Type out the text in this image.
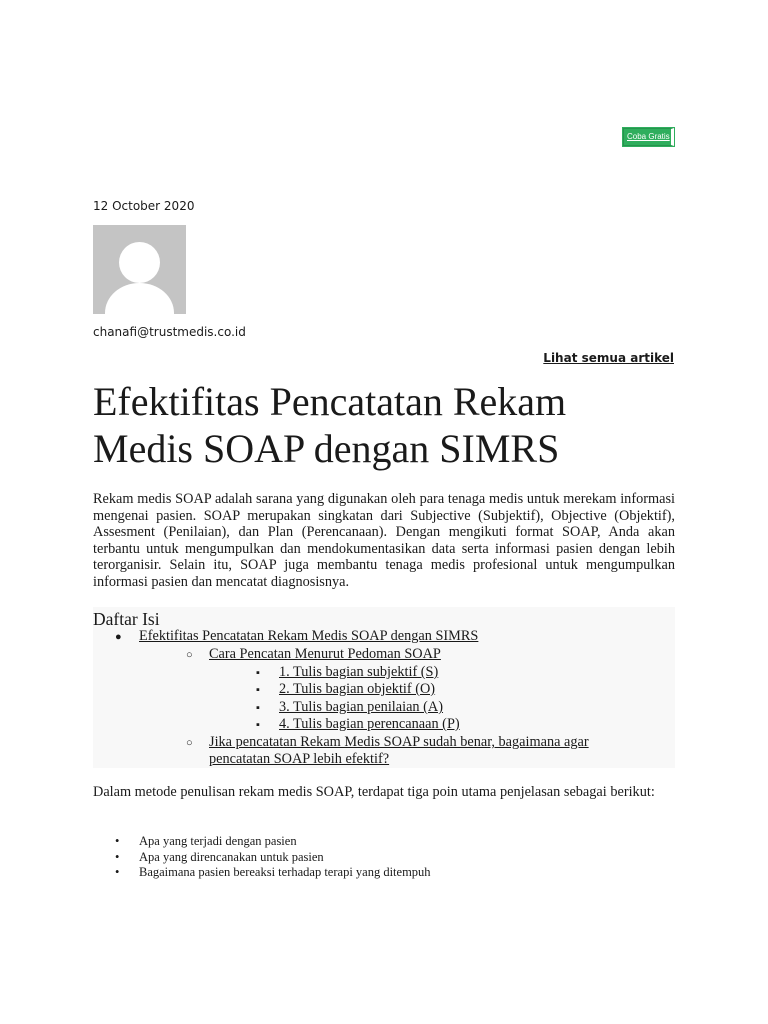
Coba Gratis
12 October 2020
chanafi@trustmedis.co.id
Lihat semua artikel
Efektifitas Pencatatan Rekam Medis SOAP dengan SIMRS

Rekam medis SOAP adalah sarana yang digunakan oleh para tenaga medis untuk merekam informasi mengenai pasien. SOAP merupakan singkatan dari Subjective (Subjektif), Objective (Objektif), Assesment (Penilaian), dan Plan (Perencanaan). Dengan mengikuti format SOAP, Anda akan terbantu untuk mengumpulkan dan mendokumentasikan data serta informasi pasien dengan lebih terorganisir. Selain itu, SOAP juga membantu tenaga medis profesional untuk mengumpulkan informasi pasien dan mencatat diagnosisnya.

Daftar Isi
● Efektifitas Pencatatan Rekam Medis SOAP dengan SIMRS
○ Cara Pencatan Menurut Pedoman SOAP
▪ 1. Tulis bagian subjektif (S)
▪ 2. Tulis bagian objektif (O)
▪ 3. Tulis bagian penilaian (A)
▪ 4. Tulis bagian perencanaan (P)
○ Jika pencatatan Rekam Medis SOAP sudah benar, bagaimana agar
pencatatan SOAP lebih efektif?

Dalam metode penulisan rekam medis SOAP, terdapat tiga poin utama penjelasan sebagai berikut:

• Apa yang terjadi dengan pasien
• Apa yang direncanakan untuk pasien
• Bagaimana pasien bereaksi terhadap terapi yang ditempuh
